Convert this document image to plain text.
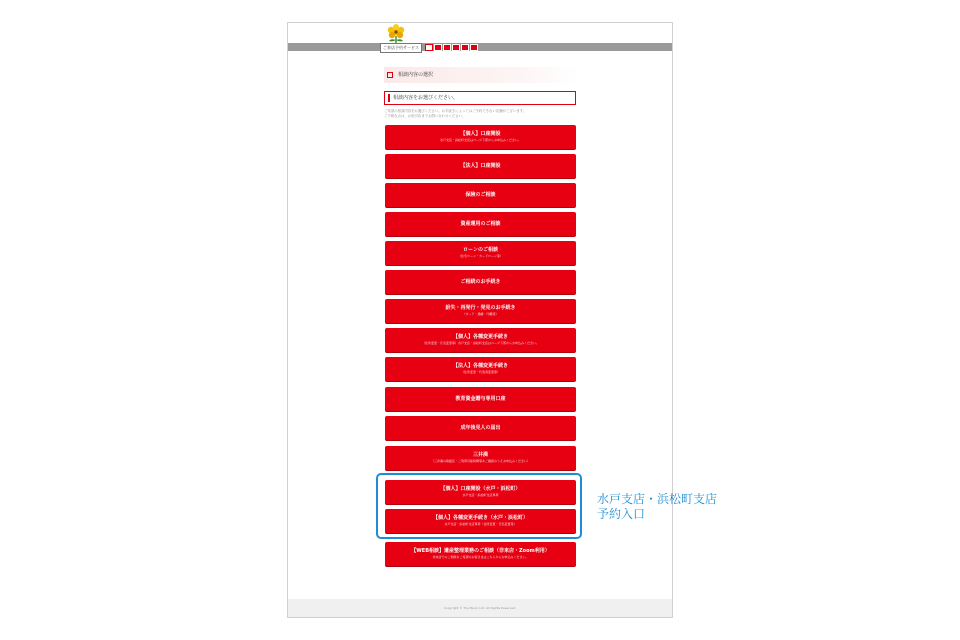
ご来店予約サービス
相談内容の選択
相談内容をお選びください。
ご希望の相談内容をお選びください。お手続きによってはご予約できない店舗がございます。
ご不明な点は、お取引店までお問い合わせください。
【個人】口座開設
水戸支店・浜松町支店はページ下部からお申込みください。
【法人】口座開設
保険のご相談
資産運用のご相談
ローンのご相談
（住宅ローン・カードローン等）
ご相続のお手続き
紛失・再発行・発見のお手続き
（カード・通帳・印鑑等）
【個人】各種変更手続き
（住所変更・氏名変更等）水戸支店・浜松町支店はページ下部からお申込みください。
【法人】各種変更手続き
（住所変更・代表者変更等）
教育資金贈与専用口座
成年後見人の届出
三井満
（三井満の取扱店・ご利用可能時間等をご確認のうえお申込みください）
【個人】口座開設（水戸・浜松町）
水戸支店・浜松町支店専用
【個人】各種変更手続き（水戸・浜松町）
水戸支店・浜松町支店専用（住所変更・氏名変更等）
【WEB相談】遺産整理業務のご相談（非来店・Zoom利用）
非来店でのご相談をご希望のお客さまはこちらからお申込みください。
Copyright © The Bank, Ltd. All Rights Reserved.
水戸支店・浜松町支店
予約入口
